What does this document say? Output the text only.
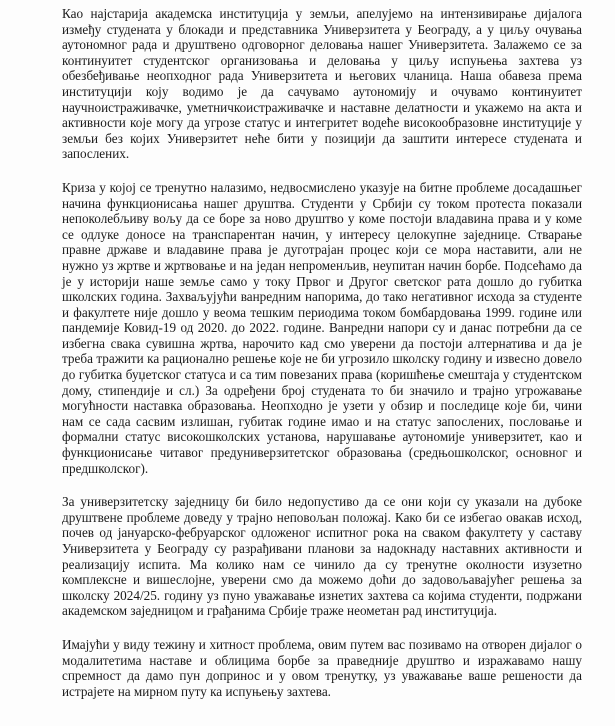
Као најстарија академска институција у земљи, апелујемо на интензивирање дијалога између студената у блокади и представника Универзитета у Београду, а у циљу очувања аутономног рада и друштвено одговорног деловања нашег Универзитета. Залажемо се за континуитет студентског организовања и деловања у циљу испуњења захтева уз обезбеђивање неопходног рада Универзитета и његових чланица. Наша обавеза према институцији коју водимо је да сачувамо аутономију и очувамо континуитет научноистраживачке, уметничкоистраживачке и наставне делатности и укажемо на акта и активности које могу да угрозе статус и интегритет водеће високообразовне институције у земљи без којих Универзитет неће бити у позицији да заштити интересе студената и запослених.

Криза у којој се тренутно налазимо, недвосмислено указује на битне проблеме досадашњег начина функционисања нашег друштва. Студенти у Србији су током протеста показали непоколебљиву вољу да се боре за ново друштво у коме постоји владавина права и у коме се одлуке доносе на транспарентан начин, у интересу целокупне заједнице. Стварање правне државе и владавине права је дуготрајан процес који се мора наставити, али не нужно уз жртве и жртвовање и на један непроменљив, неупитан начин борбе. Подсећамо да је у историји наше земље само у току Првог и Другог светског рата дошло до губитка школских година. Захваљујући ванредним напорима, до тако негативног исхода за студенте и факултете није дошло у веома тешким периодима током бомбардовања 1999. године или пандемије Ковид-19 од 2020. до 2022. године. Ванредни напори су и данас потребни да се избегна свака сувишна жртва, нарочито кад смо уверени да постоји алтернатива и да је треба тражити ка рационално решење које не би угрозило школску годину и извесно довело до губитка буџетског статуса и са тим повезаних права (коришћење смештаја у студентском дому, стипендије и сл.) За одређени број студената то би значило и трајно угрожавање могућности наставка образовања. Неопходно је узети у обзир и последице које би, чини нам се сада сасвим излишан, губитак године имао и на статус запослених, пословање и формални статус високошколских установа, нарушавање аутономије универзитет, као и функционисање читавог предуниверзитетског образовања (средњошколског, основног и предшколског).

За универзитетску заједницу би било недопустиво да се они који су указали на дубоке друштвене проблеме доведу у трајно неповољан положај. Како би се избегао овакав исход, почев од јануарско-фебруарског одложеног испитног рока на сваком факултету у саставу Универзитета у Београду су разрађивани планови за надокнаду наставних активности и реализацију испита. Ма колико нам се чинило да су тренутне околности изузетно комплексне и вишеслојне, уверени смо да можемо доћи до задовољавајућег решења за школску 2024/25. годину уз пуно уважавање изнетих захтева са којима студенти, подржани академском заједницом и грађанима Србије траже неометан рад институција.

Имајући у виду тежину и хитност проблема, овим путем вас позивамо на отворен дијалог о модалитетима наставе и облицима борбе за праведније друштво и изражавамо нашу спремност да дамо пун допринос и у овом тренутку, уз уважавање ваше решености да истрајете на мирном путу ка испуњењу захтева.
